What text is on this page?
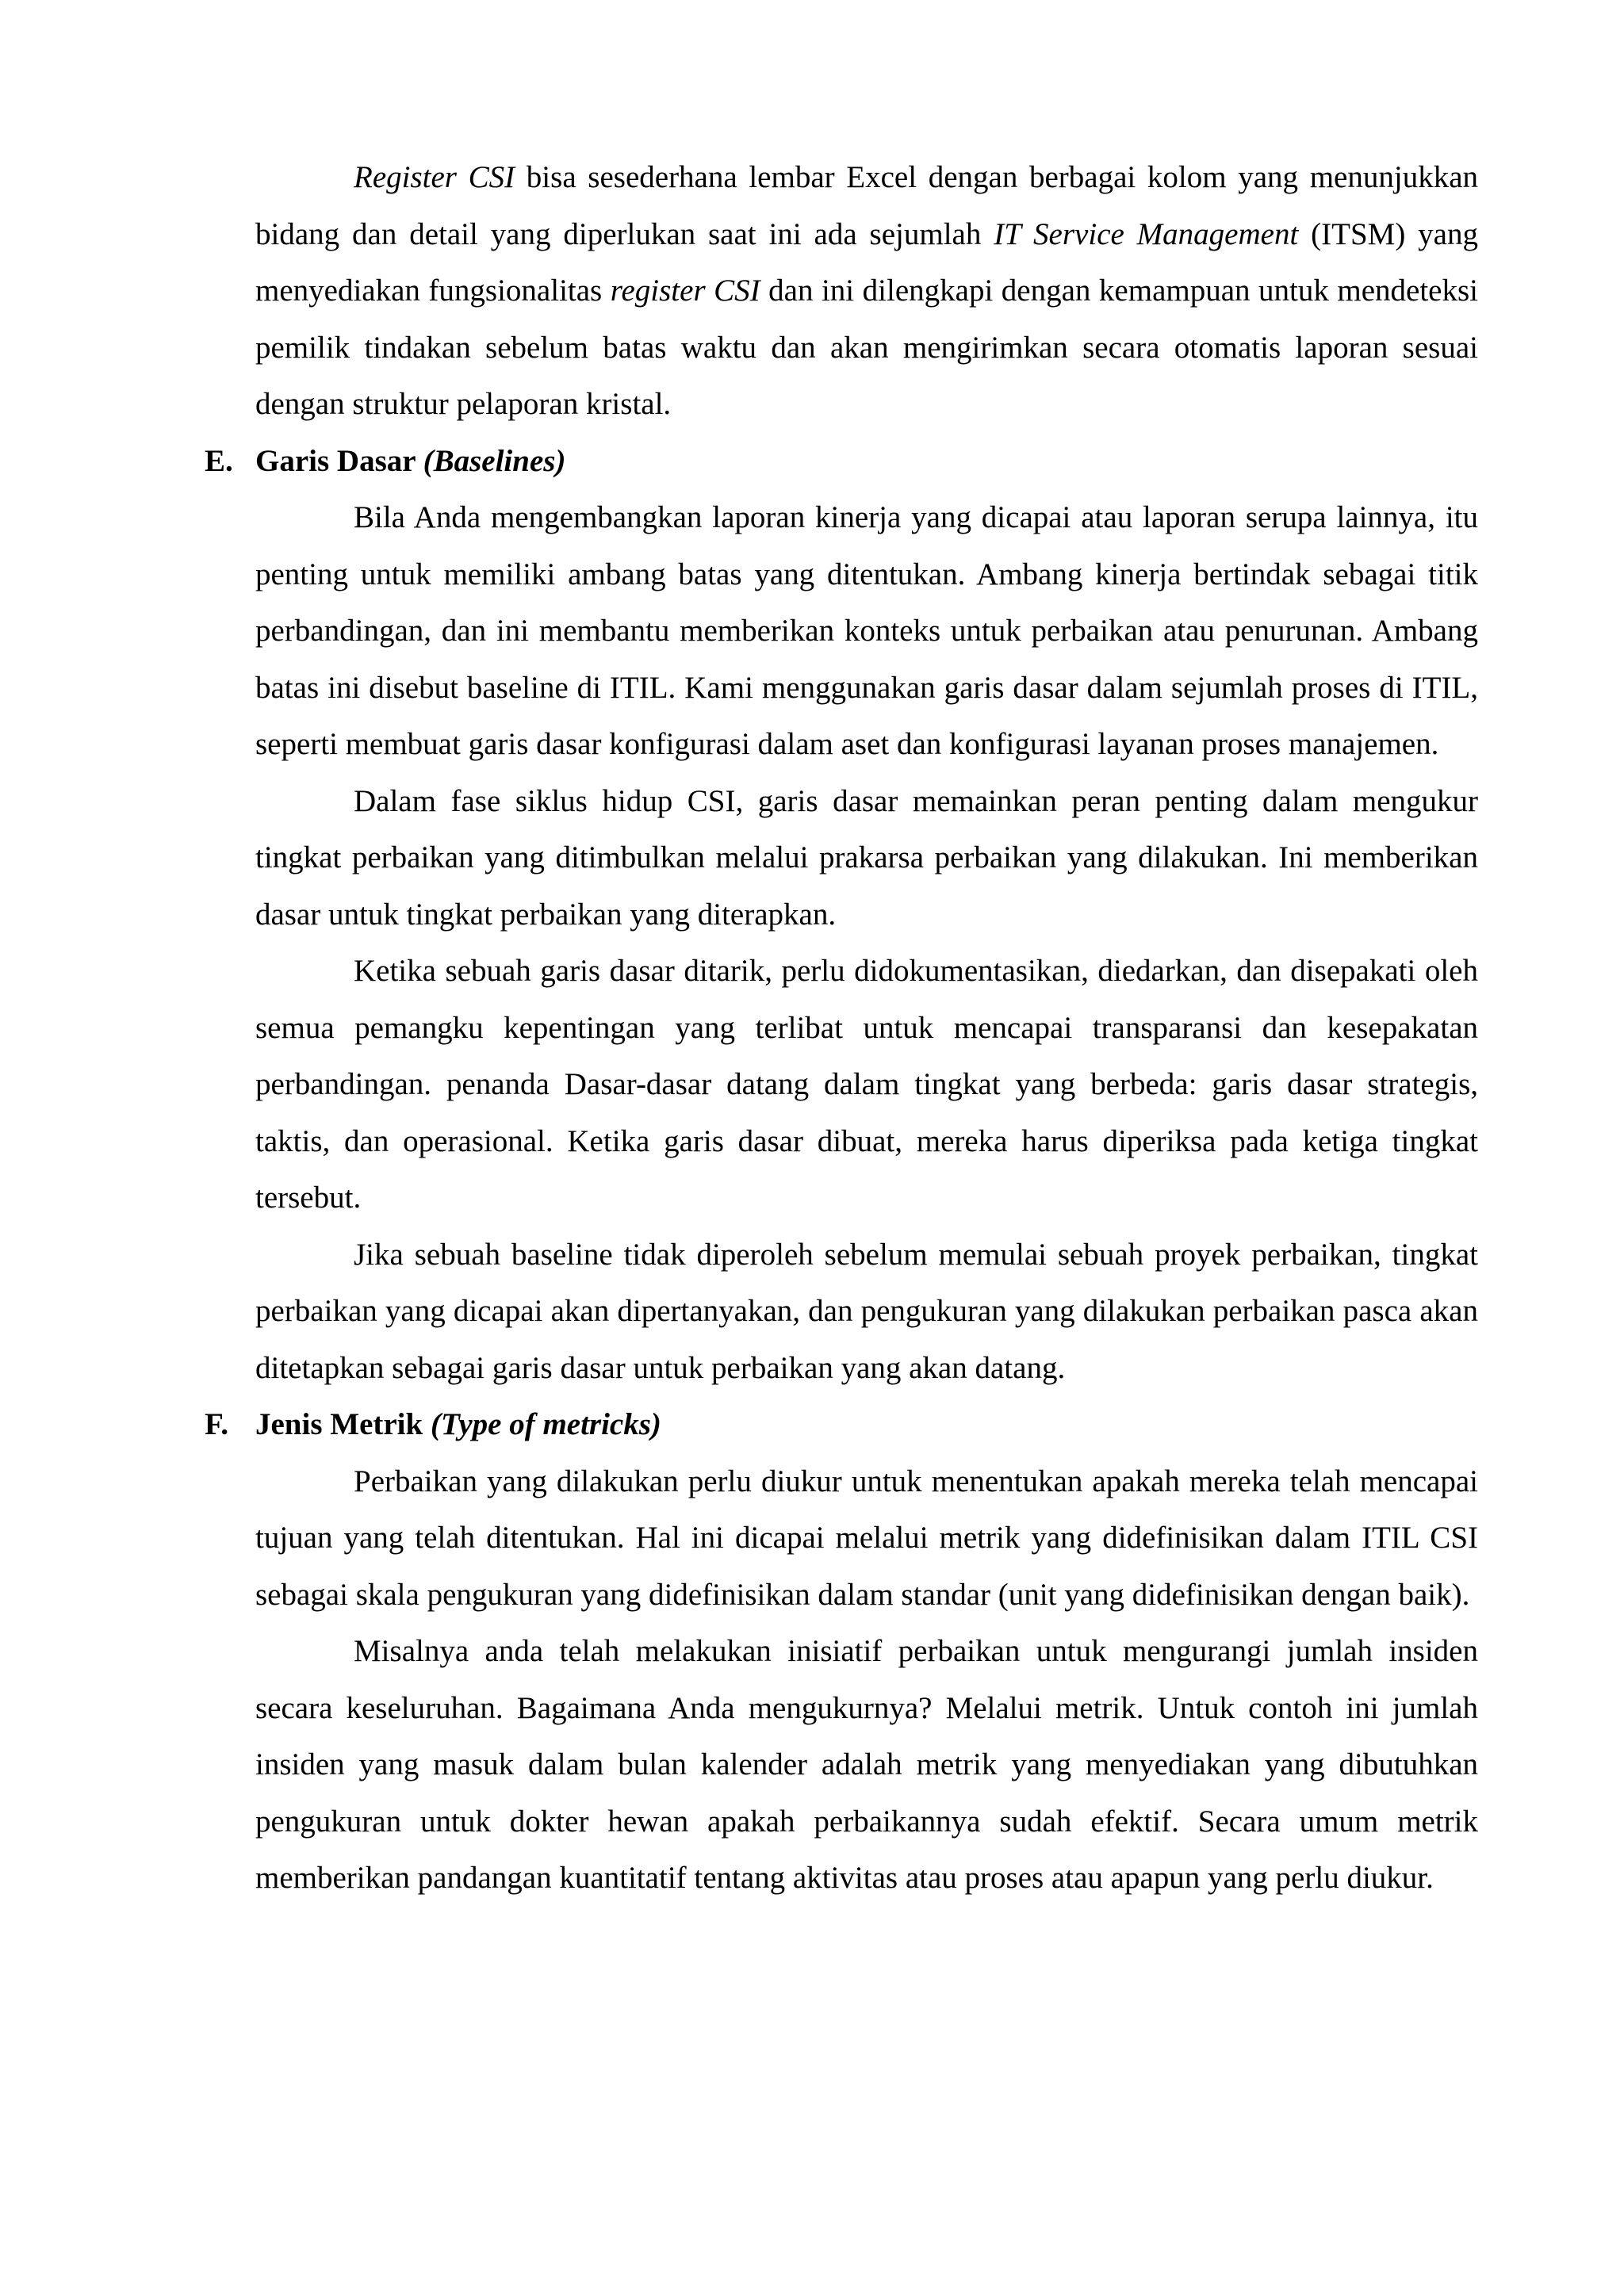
Register CSI bisa sesederhana lembar Excel dengan berbagai kolom yang menunjukkan bidang dan detail yang diperlukan saat ini ada sejumlah IT Service Management (ITSM) yang menyediakan fungsionalitas register CSI dan ini dilengkapi dengan kemampuan untuk mendeteksi pemilik tindakan sebelum batas waktu dan akan mengirimkan secara otomatis laporan sesuai dengan struktur pelaporan kristal.

E. Garis Dasar (Baselines)

Bila Anda mengembangkan laporan kinerja yang dicapai atau laporan serupa lainnya, itu penting untuk memiliki ambang batas yang ditentukan. Ambang kinerja bertindak sebagai titik perbandingan, dan ini membantu memberikan konteks untuk perbaikan atau penurunan. Ambang batas ini disebut baseline di ITIL. Kami menggunakan garis dasar dalam sejumlah proses di ITIL, seperti membuat garis dasar konfigurasi dalam aset dan konfigurasi layanan proses manajemen.

Dalam fase siklus hidup CSI, garis dasar memainkan peran penting dalam mengukur tingkat perbaikan yang ditimbulkan melalui prakarsa perbaikan yang dilakukan. Ini memberikan dasar untuk tingkat perbaikan yang diterapkan.

Ketika sebuah garis dasar ditarik, perlu didokumentasikan, diedarkan, dan disepakati oleh semua pemangku kepentingan yang terlibat untuk mencapai transparansi dan kesepakatan perbandingan. penanda Dasar-dasar datang dalam tingkat yang berbeda: garis dasar strategis, taktis, dan operasional. Ketika garis dasar dibuat, mereka harus diperiksa pada ketiga tingkat tersebut.

Jika sebuah baseline tidak diperoleh sebelum memulai sebuah proyek perbaikan, tingkat perbaikan yang dicapai akan dipertanyakan, dan pengukuran yang dilakukan perbaikan pasca akan ditetapkan sebagai garis dasar untuk perbaikan yang akan datang.

F. Jenis Metrik (Type of metricks)

Perbaikan yang dilakukan perlu diukur untuk menentukan apakah mereka telah mencapai tujuan yang telah ditentukan. Hal ini dicapai melalui metrik yang didefinisikan dalam ITIL CSI sebagai skala pengukuran yang didefinisikan dalam standar (unit yang didefinisikan dengan baik).

Misalnya anda telah melakukan inisiatif perbaikan untuk mengurangi jumlah insiden secara keseluruhan. Bagaimana Anda mengukurnya? Melalui metrik. Untuk contoh ini jumlah insiden yang masuk dalam bulan kalender adalah metrik yang menyediakan yang dibutuhkan pengukuran untuk dokter hewan apakah perbaikannya sudah efektif. Secara umum metrik memberikan pandangan kuantitatif tentang aktivitas atau proses atau apapun yang perlu diukur.
